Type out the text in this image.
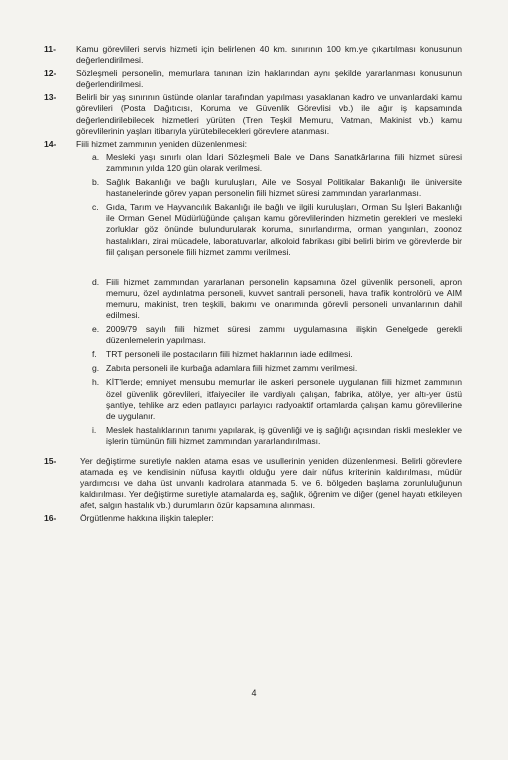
11-	Kamu görevlileri servis hizmeti için belirlenen 40 km. sınırının 100 km.ye çıkartılması konusunun değerlendirilmesi.
12-	Sözleşmeli personelin, memurlara tanınan izin haklarından aynı şekilde yararlanması konusunun değerlendirilmesi.
13-	Belirli bir yaş sınırının üstünde olanlar tarafından yapılması yasaklanan kadro ve unvanlardaki kamu görevlileri (Posta Dağıtıcısı, Koruma ve Güvenlik Görevlisi vb.) ile ağır iş kapsamında değerlendirilebilecek hizmetleri yürüten (Tren Teşkil Memuru, Vatman, Makinist vb.) kamu görevlilerinin yaşları itibarıyla yürütebilecekleri görevlere atanması.
14-	Fiili hizmet zammının yeniden düzenlenmesi:
a. Mesleki yaşı sınırlı olan İdari Sözleşmeli Bale ve Dans Sanatkârlarına fiili hizmet süresi zammının yılda 120 gün olarak verilmesi.
b. Sağlık Bakanlığı ve bağlı kuruluşları, Aile ve Sosyal Politikalar Bakanlığı ile üniversite hastanelerinde görev yapan personelin fiili hizmet süresi zammından yararlanması.
c. Gıda, Tarım ve Hayvancılık Bakanlığı ile bağlı ve ilgili kuruluşları, Orman Su İşleri Bakanlığı ile Orman Genel Müdürlüğünde çalışan kamu görevlilerinden hizmetin gerekleri ve mesleki zorluklar göz önünde bulundurularak koruma, sınırlandırma, orman yangınları, zoonoz hastalıkları, zirai mücadele, laboratuvarlar, alkoloid fabrikası gibi belirli birim ve görevlerde bir fiil çalışan personele fiili hizmet zammı verilmesi.
d. Fiili hizmet zammından yararlanan personelin kapsamına özel güvenlik personeli, apron memuru, özel aydınlatma personeli, kuvvet santrali personeli, hava trafik kontrolörü ve AIM memuru, makinist, tren teşkili, bakımı ve onarımında görevli personeli unvanlarının dahil edilmesi.
e. 2009/79 sayılı fiili hizmet süresi zammı uygulamasına ilişkin Genelgede gerekli düzenlemelerin yapılması.
f.	TRT personeli ile postacıların fiili hizmet haklarının iade edilmesi.
g. Zabıta personeli ile kurbağa adamlara fiili hizmet zammı verilmesi.
h. KİT'lerde; emniyet mensubu memurlar ile askeri personele uygulanan fiili hizmet zammının özel güvenlik görevlileri, itfaiyeciler ile vardiyalı çalışan, fabrika, atölye, yer altı-yer üstü şantiye, tehlike arz eden patlayıcı parlayıcı radyoaktif ortamlarda çalışan kamu görevlilerine de uygulanır.
i.	Meslek hastalıklarının tanımı yapılarak, iş güvenliği ve iş sağlığı açısından riskli meslekler ve işlerin tümünün fiili hizmet zammından yararlandırılması.
15-	Yer değiştirme suretiyle naklen atama esas ve usullerinin yeniden düzenlenmesi. Belirli görevlere atamada eş ve kendisinin nüfusa kayıtlı olduğu yere dair nüfus kriterinin kaldırılması, müdür yardımcısı ve daha üst unvanlı kadrolara atanmada 5. ve 6. bölgeden başlama zorunluluğunun kaldırılması. Yer değiştirme suretiyle atamalarda eş, sağlık, öğrenim ve diğer (genel hayatı etkileyen afet, salgın hastalık vb.) durumların özür kapsamına alınması.
16-	Örgütlenme hakkına ilişkin talepler:
4
